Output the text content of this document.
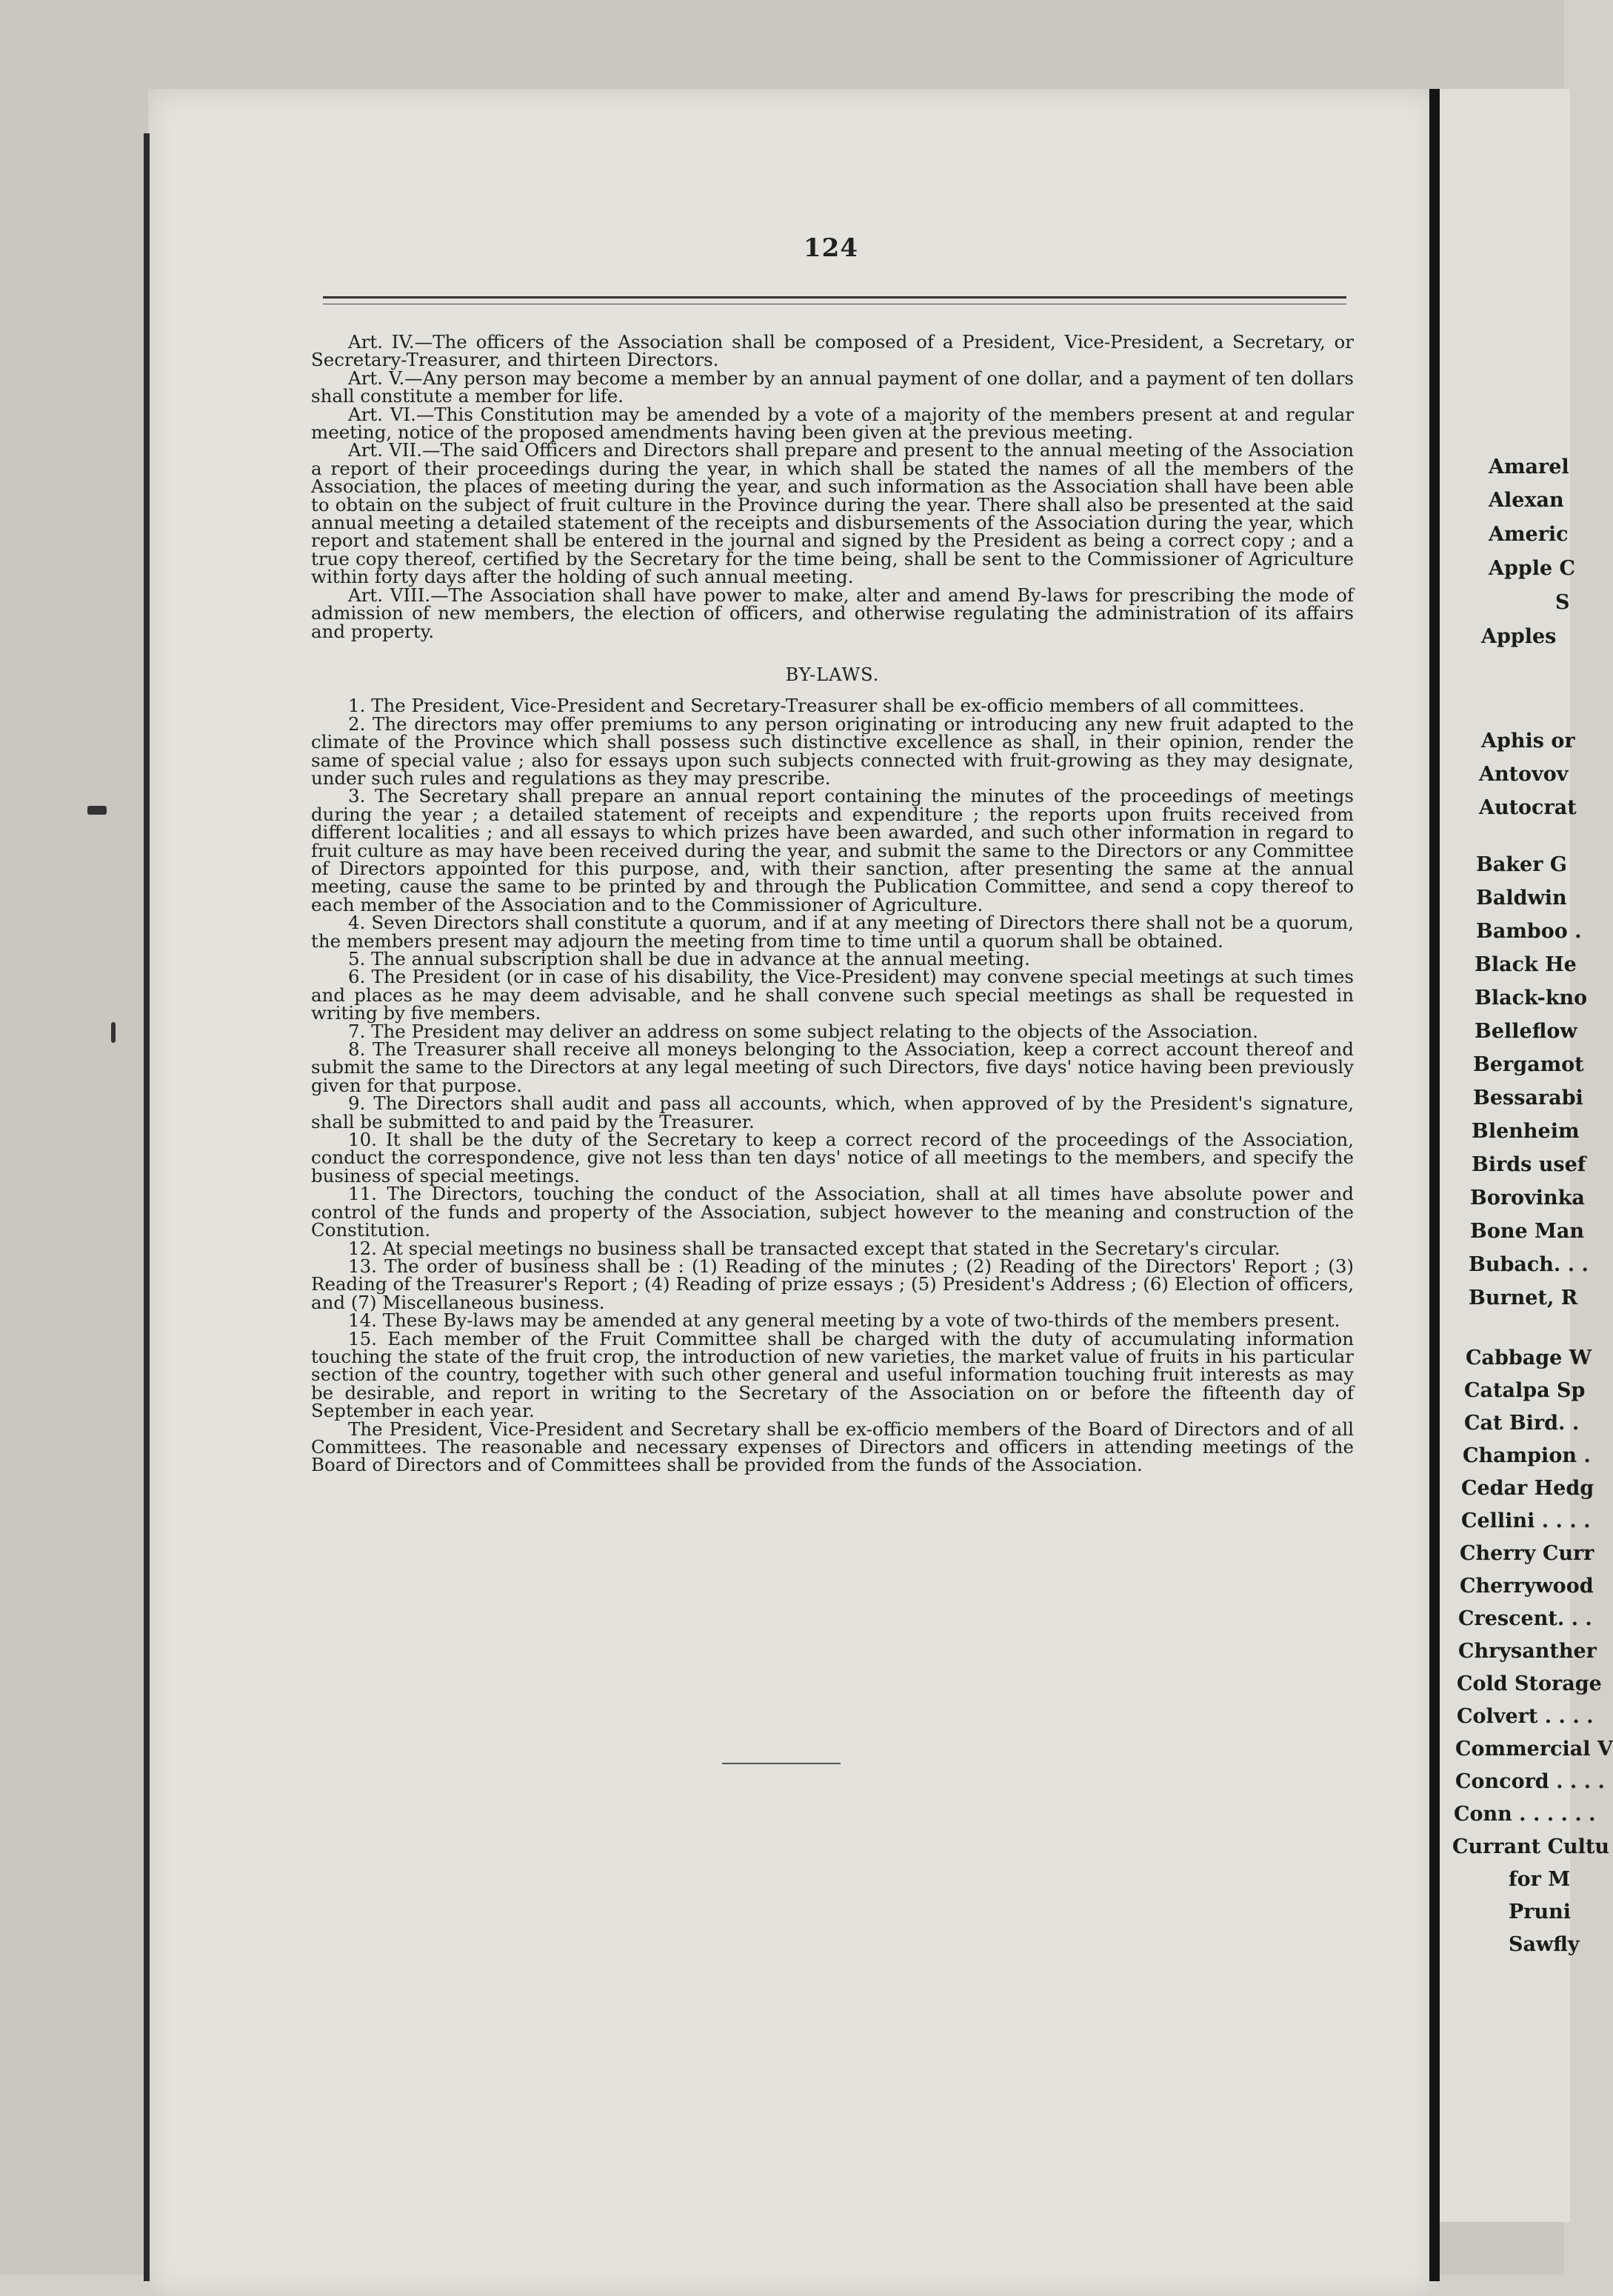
124

Art. IV.—The officers of the Association shall be composed of a President, Vice-President, a Secretary, or Secretary-Treasurer, and thirteen Directors.

Art. V.—Any person may become a member by an annual payment of one dollar, and a payment of ten dollars shall constitute a member for life.

Art. VI.—This Constitution may be amended by a vote of a majority of the members present at and regular meeting, notice of the proposed amendments having been given at the previous meeting.

Art. VII.—The said Officers and Directors shall prepare and present to the annual meeting of the Association a report of their proceedings during the year, in which shall be stated the names of all the members of the Association, the places of meeting during the year, and such information as the Association shall have been able to obtain on the subject of fruit culture in the Province during the year. There shall also be presented at the said annual meeting a detailed statement of the receipts and disbursements of the Association during the year, which report and statement shall be entered in the journal and signed by the President as being a correct copy ; and a true copy thereof, certified by the Secretary for the time being, shall be sent to the Commissioner of Agriculture within forty days after the holding of such annual meeting.

Art. VIII.—The Association shall have power to make, alter and amend By-laws for prescribing the mode of admission of new members, the election of officers, and otherwise regulating the administration of its affairs and property.

BY-LAWS.

1. The President, Vice-President and Secretary-Treasurer shall be ex-officio members of all committees.

2. The directors may offer premiums to any person originating or introducing any new fruit adapted to the climate of the Province which shall possess such distinctive excellence as shall, in their opinion, render the same of special value ; also for essays upon such subjects connected with fruit-growing as they may designate, under such rules and regulations as they may prescribe.

3. The Secretary shall prepare an annual report containing the minutes of the proceedings of meetings during the year ; a detailed statement of receipts and expenditure ; the reports upon fruits received from different localities ; and all essays to which prizes have been awarded, and such other information in regard to fruit culture as may have been received during the year, and submit the same to the Directors or any Committee of Directors appointed for this purpose, and, with their sanction, after presenting the same at the annual meeting, cause the same to be printed by and through the Publication Committee, and send a copy thereof to each member of the Association and to the Commissioner of Agriculture.

4. Seven Directors shall constitute a quorum, and if at any meeting of Directors there shall not be a quorum, the members present may adjourn the meeting from time to time until a quorum shall be obtained.

5. The annual subscription shall be due in advance at the annual meeting.

6. The President (or in case of his disability, the Vice-President) may convene special meetings at such times and places as he may deem advisable, and he shall convene such special meetings as shall be requested in writing by five members.

7. The President may deliver an address on some subject relating to the objects of the Association.

8. The Treasurer shall receive all moneys belonging to the Association, keep a correct account thereof and submit the same to the Directors at any legal meeting of such Directors, five days' notice having been previously given for that purpose.

9. The Directors shall audit and pass all accounts, which, when approved of by the President's signature, shall be submitted to and paid by the Treasurer.

10. It shall be the duty of the Secretary to keep a correct record of the proceedings of the Association, conduct the correspondence, give not less than ten days' notice of all meetings to the members, and specify the business of special meetings.

11. The Directors, touching the conduct of the Association, shall at all times have absolute power and control of the funds and property of the Association, subject however to the meaning and construction of the Constitution.

12. At special meetings no business shall be transacted except that stated in the Secretary's circular.

13. The order of business shall be : (1) Reading of the minutes ; (2) Reading of the Directors' Report ; (3) Reading of the Treasurer's Report ; (4) Reading of prize essays ; (5) President's Address ; (6) Election of officers, and (7) Miscellaneous business.

14. These By-laws may be amended at any general meeting by a vote of two-thirds of the members present.

15. Each member of the Fruit Committee shall be charged with the duty of accumulating information touching the state of the fruit crop, the introduction of new varieties, the market value of fruits in his particular section of the country, together with such other general and useful information touching fruit interests as may be desirable, and report in writing to the Secretary of the Association on or before the fifteenth day of September in each year.

The President, Vice-President and Secretary shall be ex-officio members of the Board of Directors and of all Committees. The reasonable and necessary expenses of Directors and officers in attending meetings of the Board of Directors and of Committees shall be provided from the funds of the Association.

Amarel
Alexan
Americ
Apple C
S
Apples
Aphis or
Antovov
Autocrat
Baker G
Baldwin
Bamboo .
Black He
Black-kno
Belleflow
Bergamot
Bessarabi
Blenheim
Birds usef
Borovinka
Bone Man
Bubach. . .
Burnet, R
Cabbage W
Catalpa Sp
Cat Bird. .
Champion .
Cedar Hedg
Cellini . . . .
Cherry Curr
Cherrywood
Crescent. . .
Chrysanther
Cold Storage
Colvert . . . .
Commercial V
Concord . . . .
Conn . . . . . .
Currant Cultu
for M
Pruni
Sawfly
